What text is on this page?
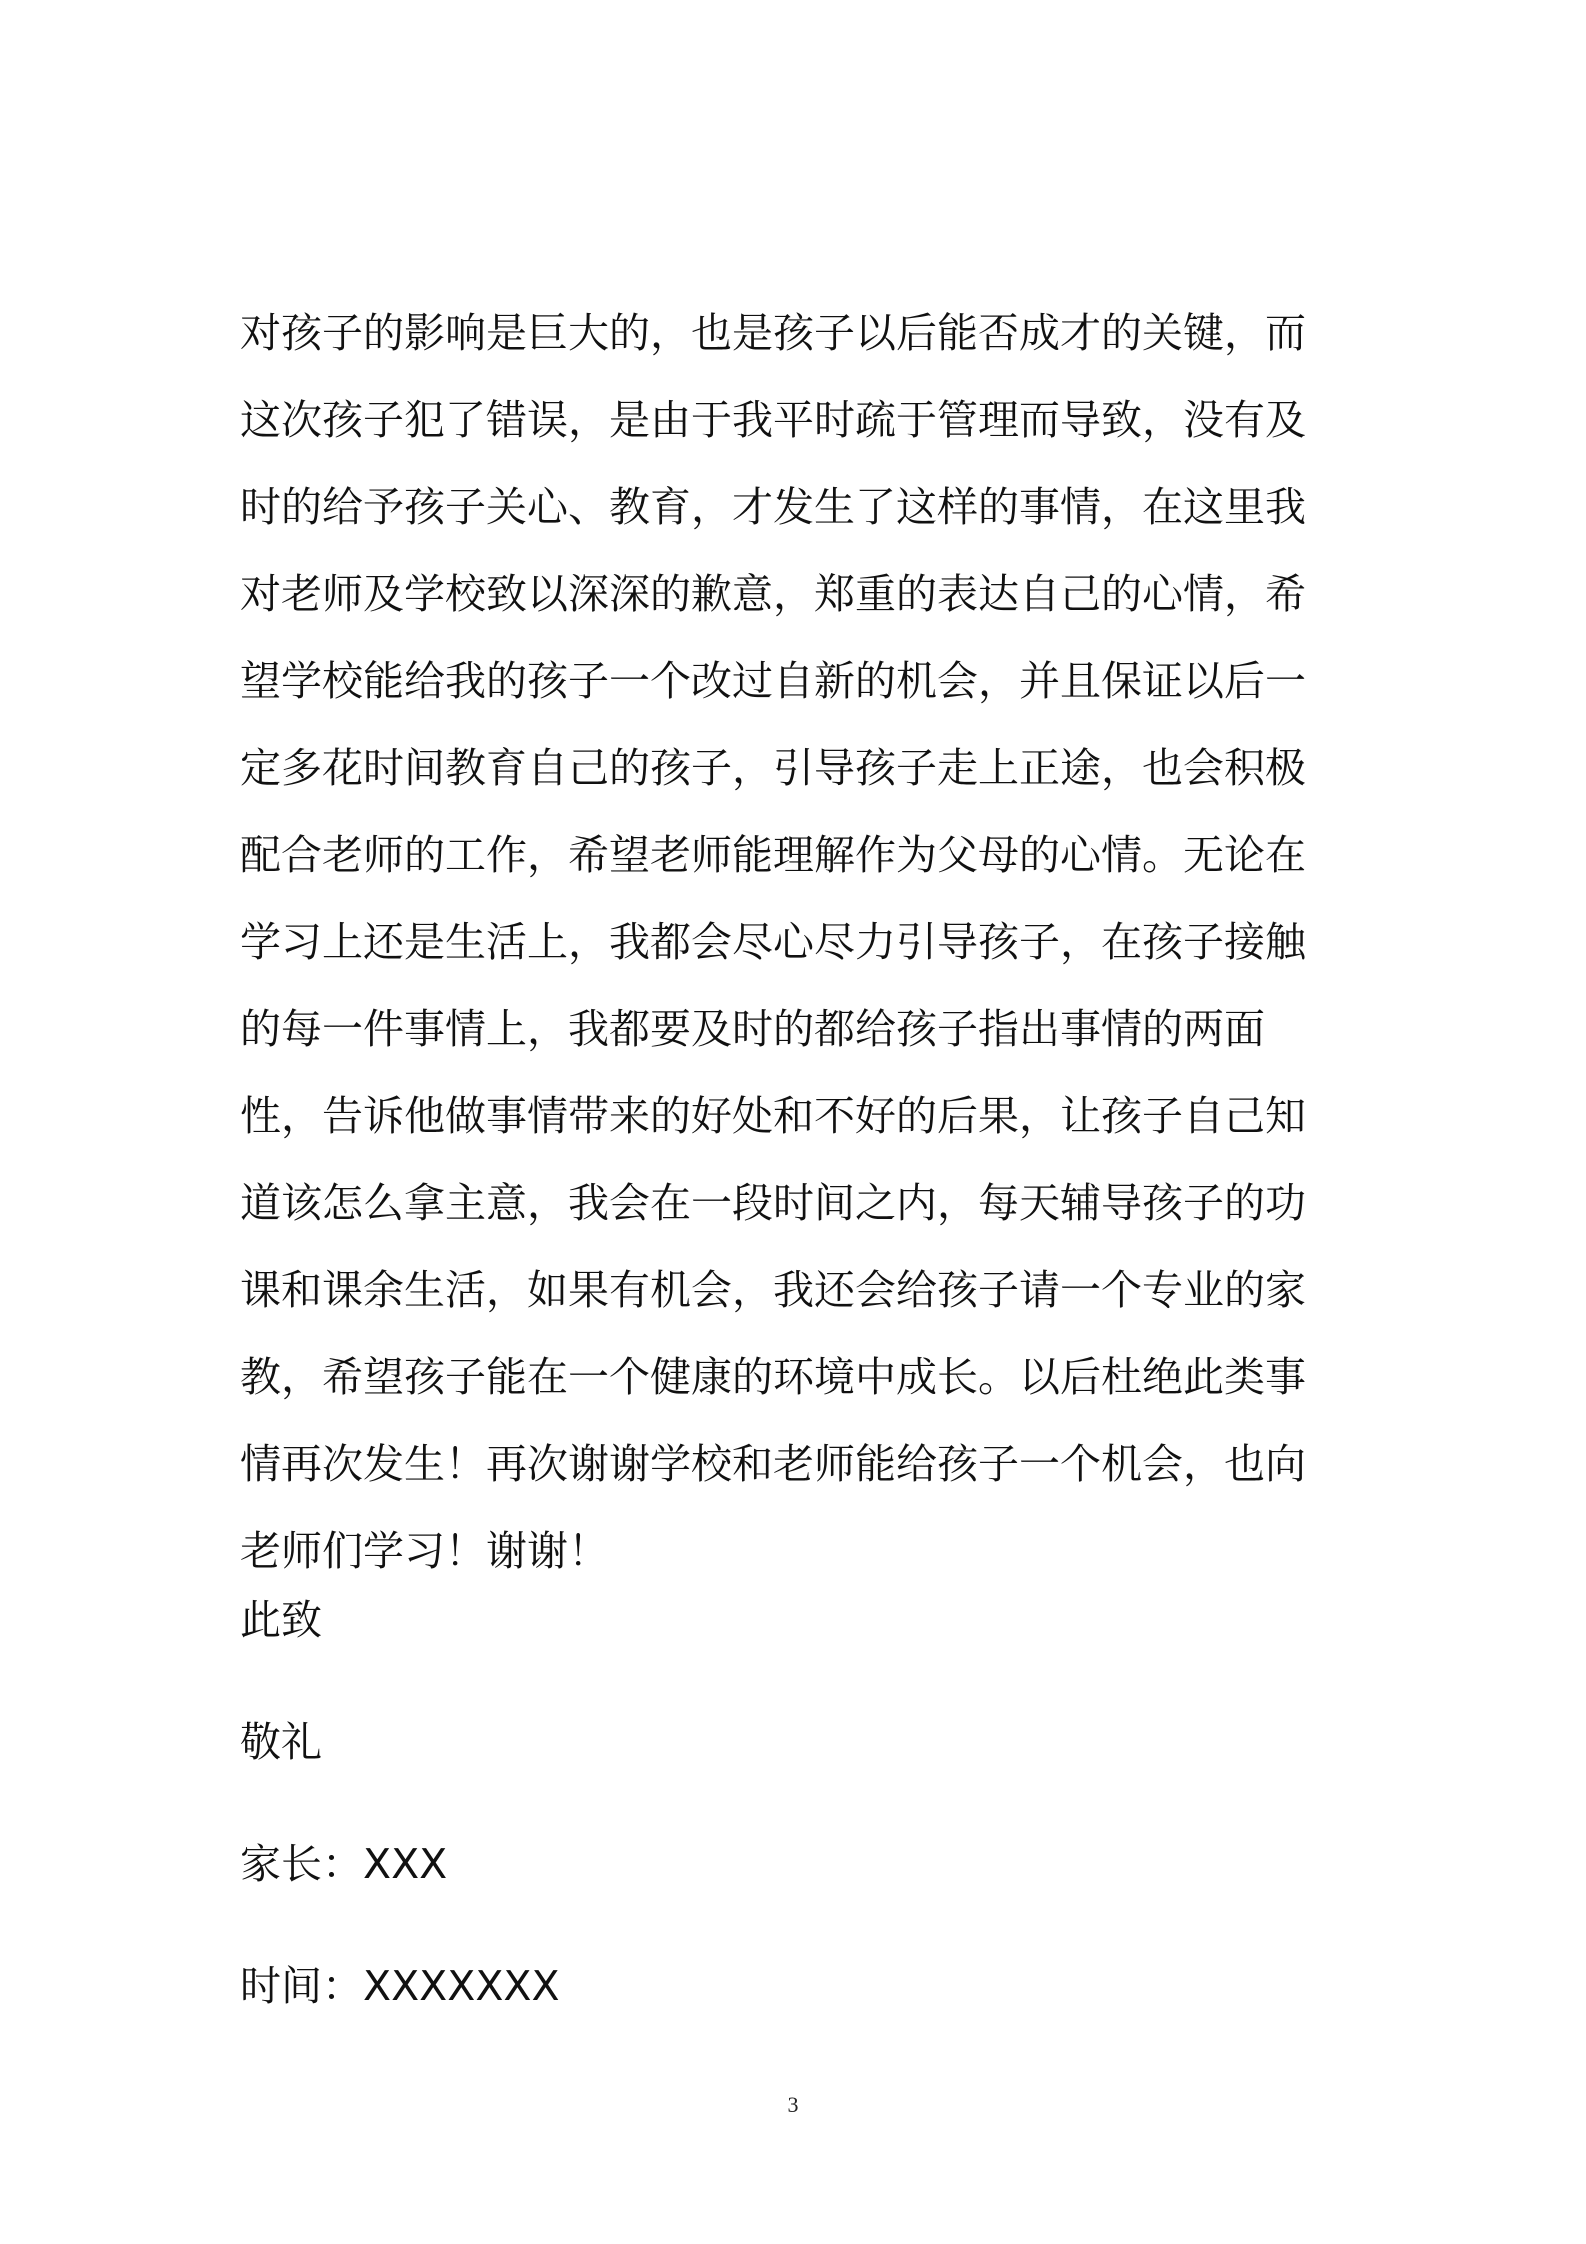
对孩子的影响是巨大的，也是孩子以后能否成才的关键，而
这次孩子犯了错误，是由于我平时疏于管理而导致，没有及
时的给予孩子关心、教育，才发生了这样的事情，在这里我
对老师及学校致以深深的歉意，郑重的表达自己的心情，希
望学校能给我的孩子一个改过自新的机会，并且保证以后一
定多花时间教育自己的孩子，引导孩子走上正途，也会积极
配合老师的工作，希望老师能理解作为父母的心情。无论在
学习上还是生活上，我都会尽心尽力引导孩子，在孩子接触
的每一件事情上，我都要及时的都给孩子指出事情的两面
性，告诉他做事情带来的好处和不好的后果，让孩子自己知
道该怎么拿主意，我会在一段时间之内，每天辅导孩子的功
课和课余生活，如果有机会，我还会给孩子请一个专业的家
教，希望孩子能在一个健康的环境中成长。以后杜绝此类事
情再次发生！再次谢谢学校和老师能给孩子一个机会，也向
老师们学习！谢谢！
此致
敬礼
家长：XXX
时间：XXXXXXX
3
